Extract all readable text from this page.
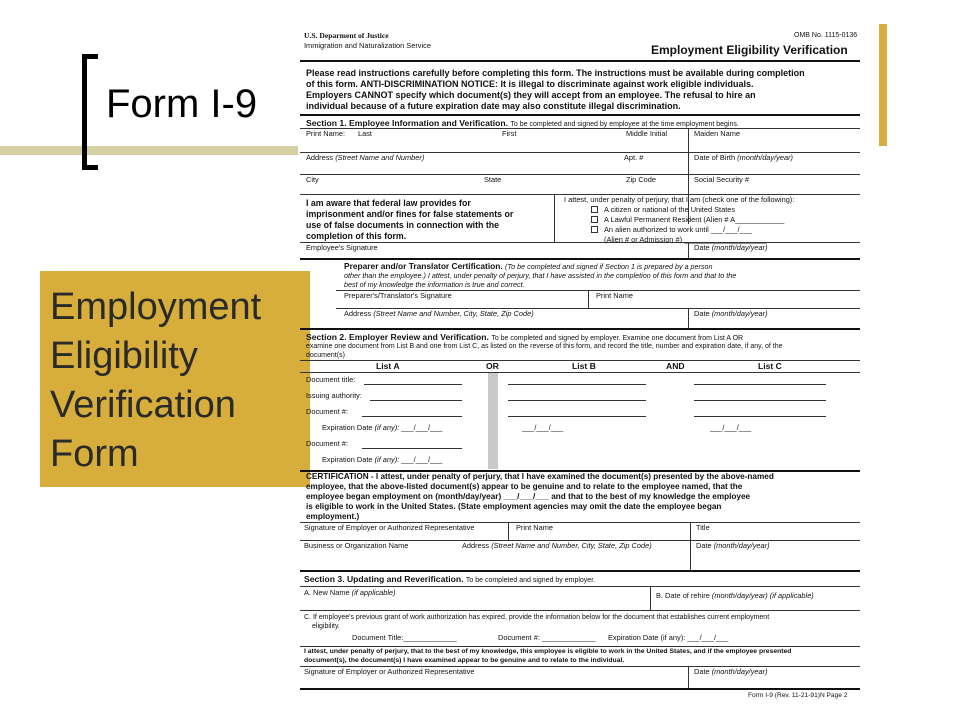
Form I-9
Employment
Eligibility
Verification
Form
U.S. Deparment of Justice
Immigration and Naturalization Service
OMB No. 1115-0136
Employment Eligibility Verification
Please read instructions carefully before completing this form. The instructions must be available during completion
of this form. ANTI-DISCRIMINATION NOTICE: It is illegal to discriminate against work eligible individuals.
Employers CANNOT specify which document(s) they will accept from an employee. The refusal to hire an
individual because of a future expiration date may also constitute illegal discrimination.
Section 1. Employee Information and Verification. To be completed and signed by employee at the time employment begins.
Print Name: Last	First	Middle Initial	Maiden Name
Address (Street Name and Number)	Apt. #	Date of Birth (month/day/year)
City	State	Zip Code	Social Security #
I am aware that federal law provides for
imprisonment and/or fines for false statements or
use of false documents in connection with the
completion of this form.
I attest, under penalty of perjury, that I am (check one of the following):
A citizen or national of the United States
A Lawful Permanent Resident (Alien # A____________
An alien authorized to work until ___/___/___
(Alien # or Admission #) ____________________
Employee's Signature	Date (month/day/year)
Preparer and/or Translator Certification. (To be completed and signed if Section 1 is prepared by a person
other than the employee.) I attest, under penalty of perjury, that I have assisted in the completion of this form and that to the
best of my knowledge the information is true and correct.
Preparer's/Translator's Signature	Print Name
Address (Street Name and Number, City, State, Zip Code)	Date (month/day/year)
Section 2. Employer Review and Verification. To be completed and signed by employer. Examine one document from List A OR
examine one document from List B and one from List C, as listed on the reverse of this form, and record the title, number and expiration date, if any, of the
document(s)
List A	OR	List B	AND	List C
Document title:
Issuing authority:
Document #:
Expiration Date (if any): ___/___/___	___/___/___	___/___/___
Document #:
Expiration Date (if any): ___/___/___
CERTIFICATION - I attest, under penalty of perjury, that I have examined the document(s) presented by the above-named
employee, that the above-listed document(s) appear to be genuine and to relate to the employee named, that the
employee began employment on (month/day/year) ___/___/___ and that to the best of my knowledge the employee
is eligible to work in the United States. (State employment agencies may omit the date the employee began
employment.)
Signature of Employer or Authorized Representative	Print Name	Title
Business or Organization Name	Address (Street Name and Number, City, State, Zip Code)	Date (month/day/year)
Section 3. Updating and Reverification. To be completed and signed by employer.
A. New Name (if applicable)	B. Date of rehire (month/day/year) (if applicable)
C. If employee's previous grant of work authorization has expired, provide the information below for the document that establishes current employment
eligibility.
Document Title:_____________	Document #: _____________ Expiration Date (if any): ___/___/___
I attest, under penalty of perjury, that to the best of my knowledge, this employee is eligible to work in the United States, and if the employee presented
document(s), the document(s) I have examined appear to be genuine and to relate to the individual.
Signature of Employer or Authorized Representative	Date (month/day/year)
Form I-9 (Rev. 11-21-91)N Page 2
